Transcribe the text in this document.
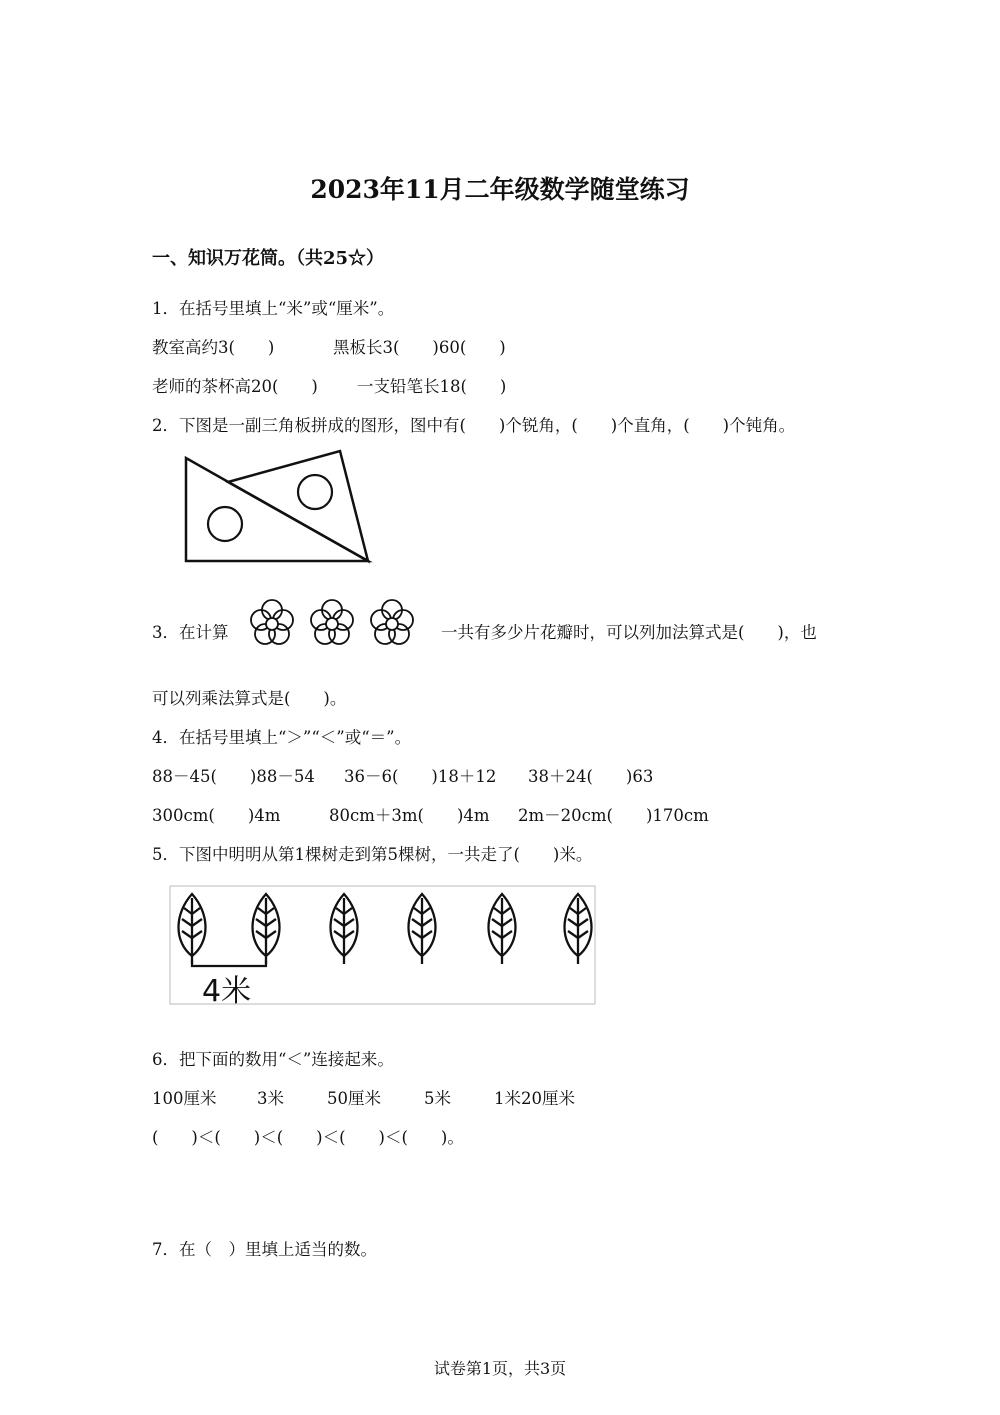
2023年11月二年级数学随堂练习
一、知识万花筒。（共25☆）
1．在括号里填上“米”或“厘米”。
教室高约3(　　)	黑板长3(　　)60(　　)
老师的茶杯高20(　　) 一支铅笔长18(　　)
2．下图是一副三角板拼成的图形，图中有(　　)个锐角，(　　)个直角，(　　)个钝角。
3．在计算	一共有多少片花瓣时，可以列加法算式是(　　)，也
可以列乘法算式是(　　)。
4．在括号里填上“＞”“＜”或“＝”。
88－45(　　)88－54 36－6(　　)18＋12 38＋24(　　)63
300cm(　　)4m	80cm＋3m(　　)4m 2m－20cm(　　)170cm
5．下图中明明从第1棵树走到第5棵树，一共走了(　　)米。
4米
6．把下面的数用“＜”连接起来。
100厘米 3米	50厘米	5米	1米20厘米
(　　)＜(　　)＜(　　)＜(　　)＜(　　)。
7．在（　）里填上适当的数。
试卷第1页，共3页
